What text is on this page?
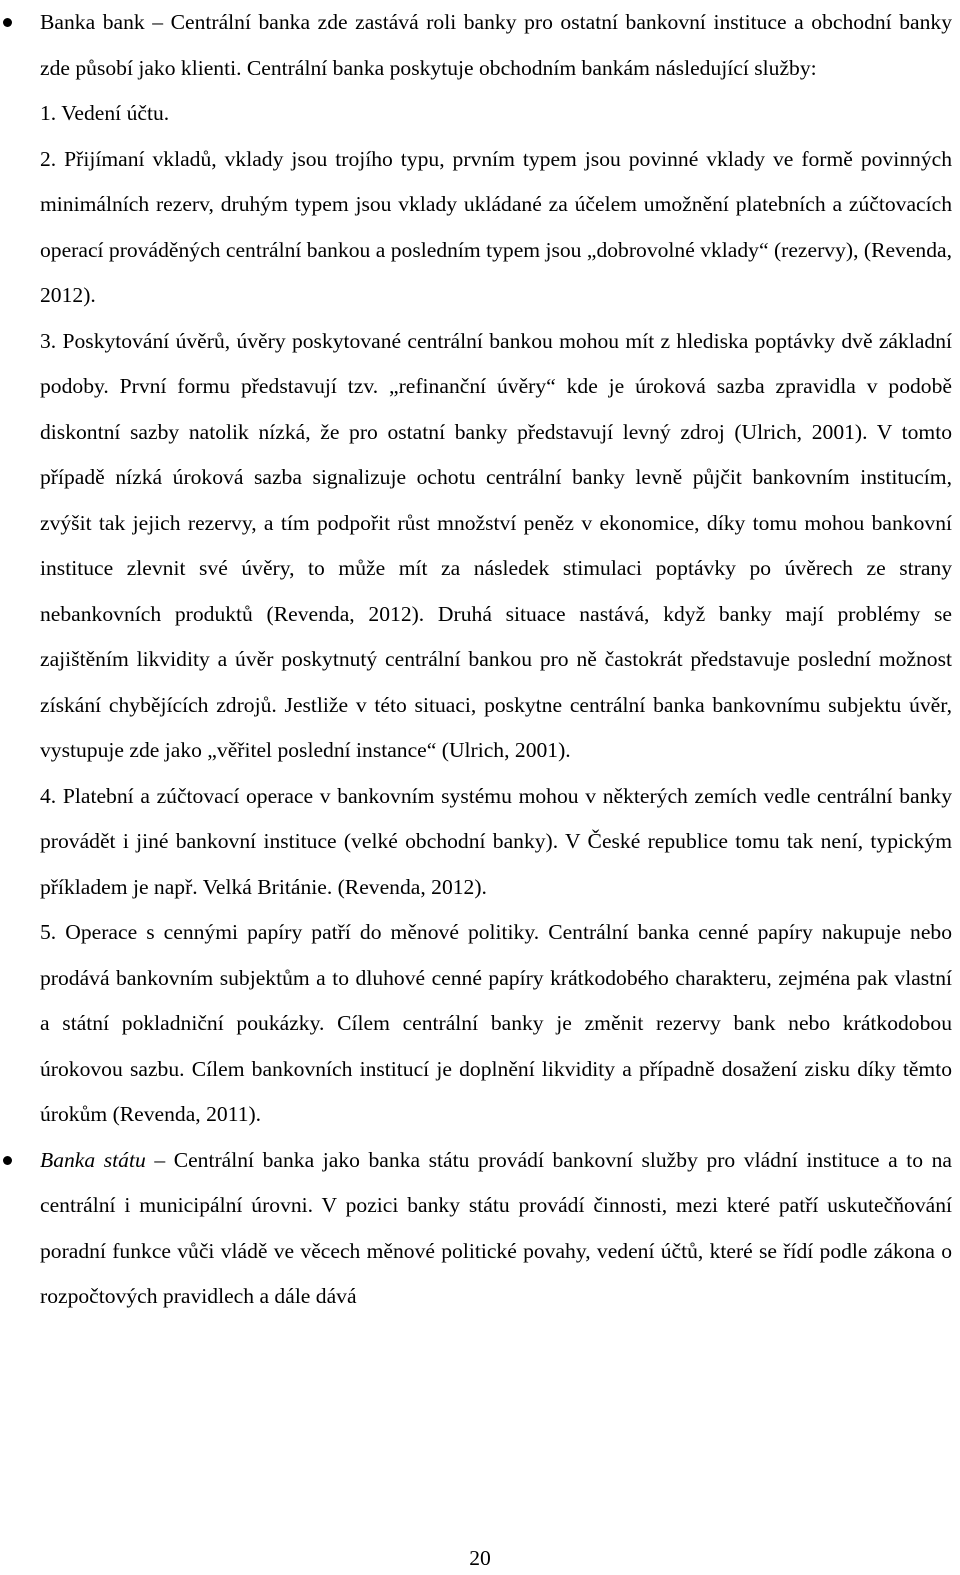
Banka bank – Centrální banka zde zastává roli banky pro ostatní bankovní instituce a obchodní banky zde působí jako klienti. Centrální banka poskytuje obchodním bankám následující služby:

1. Vedení účtu.

2. Přijímaní vkladů, vklady jsou trojího typu, prvním typem jsou povinné vklady ve formě povinných minimálních rezerv, druhým typem jsou vklady ukládané za účelem umožnění platebních a zúčtovacích operací prováděných centrální bankou a posledním typem jsou „dobrovolné vklady“ (rezervy), (Revenda, 2012).

3. Poskytování úvěrů, úvěry poskytované centrální bankou mohou mít z hlediska poptávky dvě základní podoby. První formu představují tzv. „refinanční úvěry“ kde je úroková sazba zpravidla v podobě diskontní sazby natolik nízká, že pro ostatní banky představují levný zdroj (Ulrich, 2001). V tomto případě nízká úroková sazba signalizuje ochotu centrální banky levně půjčit bankovním institucím, zvýšit tak jejich rezervy, a tím podpořit růst množství peněz v ekonomice, díky tomu mohou bankovní instituce zlevnit své úvěry, to může mít za následek stimulaci poptávky po úvěrech ze strany nebankovních produktů (Revenda, 2012). Druhá situace nastává, když banky mají problémy se zajištěním likvidity a úvěr poskytnutý centrální bankou pro ně častokrát představuje poslední možnost získání chybějících zdrojů. Jestliže v této situaci, poskytne centrální banka bankovnímu subjektu úvěr, vystupuje zde jako „věřitel poslední instance“ (Ulrich, 2001).

4. Platební a zúčtovací operace v bankovním systému mohou v některých zemích vedle centrální banky provádět i jiné bankovní instituce (velké obchodní banky). V České republice tomu tak není, typickým příkladem je např. Velká Británie. (Revenda, 2012).

5. Operace s cennými papíry patří do měnové politiky. Centrální banka cenné papíry nakupuje nebo prodává bankovním subjektům a to dluhové cenné papíry krátkodobého charakteru, zejména pak vlastní a státní pokladniční poukázky. Cílem centrální banky je změnit rezervy bank nebo krátkodobou úrokovou sazbu. Cílem bankovních institucí je doplnění likvidity a případně dosažení zisku díky těmto úrokům (Revenda, 2011).

Banka státu – Centrální banka jako banka státu provádí bankovní služby pro vládní instituce a to na centrální i municipální úrovni. V pozici banky státu provádí činnosti, mezi které patří uskutečňování poradní funkce vůči vládě ve věcech měnové politické povahy, vedení účtů, které se řídí podle zákona o rozpočtových pravidlech a dále dává

20
